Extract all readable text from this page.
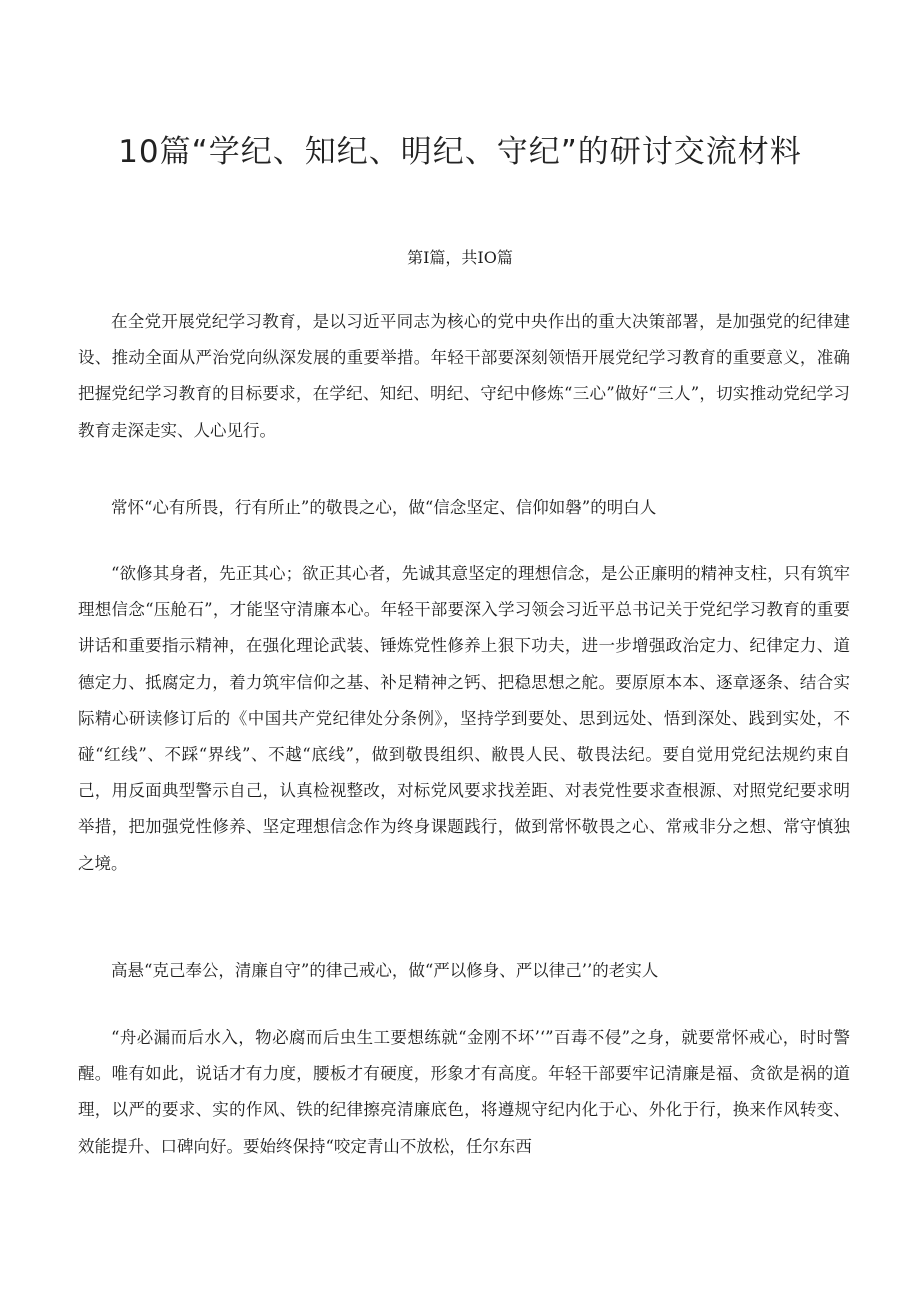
10篇“学纪、知纪、明纪、守纪”的研讨交流材料

第I篇，共IO篇

在全党开展党纪学习教育，是以习近平同志为核心的党中央作出的重大决策部署，是加强党的纪律建设、推动全面从严治党向纵深发展的重要举措。年轻干部要深刻领悟开展党纪学习教育的重要意义，准确把握党纪学习教育的目标要求，在学纪、知纪、明纪、守纪中修炼“三心”做好“三人”，切实推动党纪学习教育走深走实、人心见行。

常怀“心有所畏，行有所止”的敬畏之心，做“信念坚定、信仰如磐”的明白人

“欲修其身者，先正其心；欲正其心者，先诚其意坚定的理想信念，是公正廉明的精神支柱，只有筑牢理想信念“压舱石”，才能坚守清廉本心。年轻干部要深入学习领会习近平总书记关于党纪学习教育的重要讲话和重要指示精神，在强化理论武装、锤炼党性修养上狠下功夫，进一步增强政治定力、纪律定力、道德定力、抵腐定力，着力筑牢信仰之基、补足精神之钙、把稳思想之舵。要原原本本、逐章逐条、结合实际精心研读修订后的《中国共产党纪律处分条例》，坚持学到要处、思到远处、悟到深处、践到实处，不碰“红线”、不踩“界线”、不越“底线”，做到敬畏组织、敝畏人民、敬畏法纪。要自觉用党纪法规约束自己，用反面典型警示自己，认真检视整改，对标党风要求找差距、对表党性要求查根源、对照党纪要求明举措，把加强党性修养、坚定理想信念作为终身课题践行，做到常怀敬畏之心、常戒非分之想、常守慎独之境。

高悬“克己奉公，清廉自守”的律己戒心，做“严以修身、严以律己’’的老实人

“舟必漏而后水入，物必腐而后虫生工要想练就“金刚不坏’‘”百毒不侵”之身，就要常怀戒心，时时警醒。唯有如此，说话才有力度，腰板才有硬度，形象才有高度。年轻干部要牢记清廉是福、贪欲是祸的道理，以严的要求、实的作风、铁的纪律擦亮清廉底色，将遵规守纪内化于心、外化于行，换来作风转变、效能提升、口碑向好。要始终保持“咬定青山不放松，任尔东西
